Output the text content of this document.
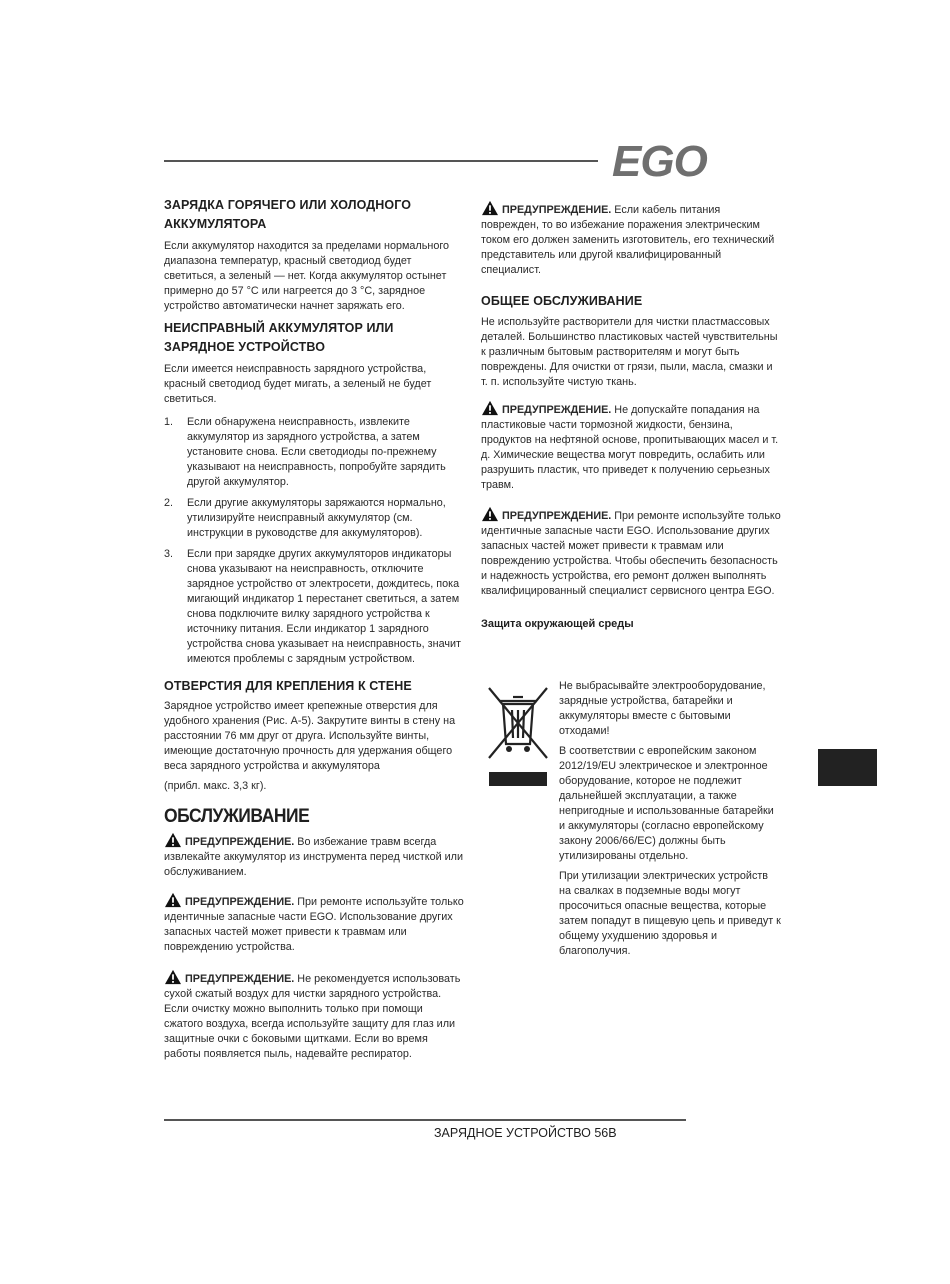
EGO
ЗАРЯДКА ГОРЯЧЕГО ИЛИ ХОЛОДНОГО АККУМУЛЯТОРА

Если аккумулятор находится за пределами нормального диапазона температур, красный светодиод будет светиться, а зеленый — нет. Когда аккумулятор остынет примерно до 57 °C или нагреется до 3 °C, зарядное устройство автоматически начнет заряжать его.

НЕИСПРАВНЫЙ АККУМУЛЯТОР ИЛИ ЗАРЯДНОЕ УСТРОЙСТВО

Если имеется неисправность зарядного устройства, красный светодиод будет мигать, а зеленый не будет светиться.

1. Если обнаружена неисправность, извлеките аккумулятор из зарядного устройства, а затем установите снова. Если светодиоды по-прежнему указывают на неисправность, попробуйте зарядить другой аккумулятор.
2. Если другие аккумуляторы заряжаются нормально, утилизируйте неисправный аккумулятор (см. инструкции в руководстве для аккумуляторов).
3. Если при зарядке других аккумуляторов индикаторы снова указывают на неисправность, отключите зарядное устройство от электросети, дождитесь, пока мигающий индикатор 1 перестанет светиться, а затем снова подключите вилку зарядного устройства к источнику питания. Если индикатор 1 зарядного устройства снова указывает на неисправность, значит имеются проблемы с зарядным устройством.
ОТВЕРСТИЯ ДЛЯ КРЕПЛЕНИЯ К СТЕНЕ

Зарядное устройство имеет крепежные отверстия для удобного хранения (Рис. A-5). Закрутите винты в стену на расстоянии 76 мм друг от друга. Используйте винты, имеющие достаточную прочность для удержания общего веса зарядного устройства и аккумулятора

(прибл. макс. 3,3 кг).

ОБСЛУЖИВАНИЕ

ПРЕДУПРЕЖДЕНИЕ. Во избежание травм всегда извлекайте аккумулятор из инструмента перед чисткой или обслуживанием.

ПРЕДУПРЕЖДЕНИЕ. При ремонте используйте только идентичные запасные части EGO. Использование других запасных частей может привести к травмам или повреждению устройства.

ПРЕДУПРЕЖДЕНИЕ. Не рекомендуется использовать сухой сжатый воздух для чистки зарядного устройства. Если очистку можно выполнить только при помощи сжатого воздуха, всегда используйте защиту для глаз или защитные очки с боковыми щитками. Если во время работы появляется пыль, надевайте респиратор.

ПРЕДУПРЕЖДЕНИЕ. Если кабель питания поврежден, то во избежание поражения электрическим током его должен заменить изготовитель, его технический представитель или другой квалифицированный специалист.

ОБЩЕЕ ОБСЛУЖИВАНИЕ

Не используйте растворители для чистки пластмассовых деталей. Большинство пластиковых частей чувствительны к различным бытовым растворителям и могут быть повреждены. Для очистки от грязи, пыли, масла, смазки и т. п. используйте чистую ткань.

ПРЕДУПРЕЖДЕНИЕ. Не допускайте попадания на пластиковые части тормозной жидкости, бензина, продуктов на нефтяной основе, пропитывающих масел и т. д. Химические вещества могут повредить, ослабить или разрушить пластик, что приведет к получению серьезных травм.

ПРЕДУПРЕЖДЕНИЕ. При ремонте используйте только идентичные запасные части EGO. Использование других запасных частей может привести к травмам или повреждению устройства. Чтобы обеспечить безопасность и надежность устройства, его ремонт должен выполнять квалифицированный специалист сервисного центра EGO.

Защита окружающей среды

Не выбрасывайте электрооборудование, зарядные устройства, батарейки и аккумуляторы вместе с бытовыми отходами!

В соответствии с европейским законом 2012/19/EU электрическое и электронное оборудование, которое не подлежит дальнейшей эксплуатации, а также непригодные и использованные батарейки и аккумуляторы (согласно европейскому закону 2006/66/EC) должны быть утилизированы отдельно.

При утилизации электрических устройств на свалках в подземные воды могут просочиться опасные вещества, которые затем попадут в пищевую цепь и приведут к общему ухудшению здоровья и благополучия.

ЗАРЯДНОЕ УСТРОЙСТВО 56В
